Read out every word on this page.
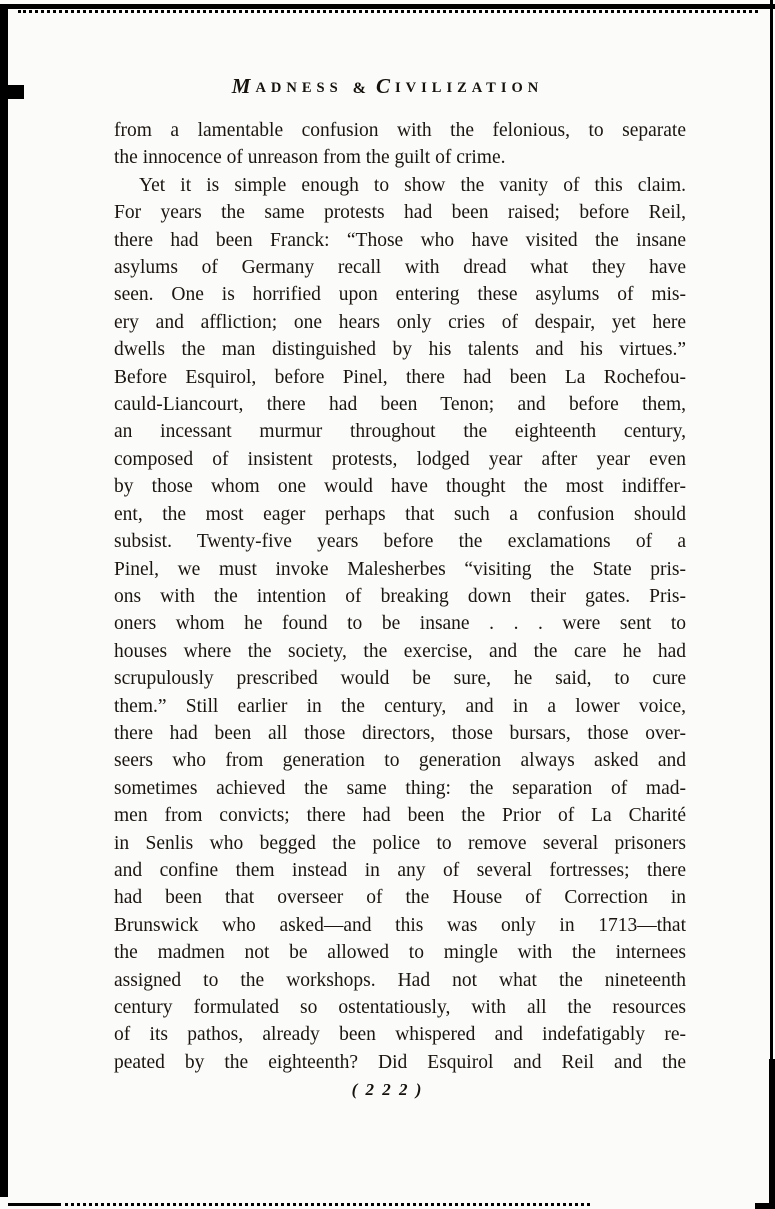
MADNESS & CIVILIZATION
from a lamentable confusion with the felonious, to separate
the innocence of unreason from the guilt of crime.
Yet it is simple enough to show the vanity of this claim.
For years the same protests had been raised; before Reil,
there had been Franck: “Those who have visited the insane
asylums of Germany recall with dread what they have
seen. One is horrified upon entering these asylums of mis-
ery and affliction; one hears only cries of despair, yet here
dwells the man distinguished by his talents and his virtues.”
Before Esquirol, before Pinel, there had been La Rochefou-
cauld-Liancourt, there had been Tenon; and before them,
an incessant murmur throughout the eighteenth century,
composed of insistent protests, lodged year after year even
by those whom one would have thought the most indiffer-
ent, the most eager perhaps that such a confusion should
subsist. Twenty-five years before the exclamations of a
Pinel, we must invoke Malesherbes “visiting the State pris-
ons with the intention of breaking down their gates. Pris-
oners whom he found to be insane . . . were sent to
houses where the society, the exercise, and the care he had
scrupulously prescribed would be sure, he said, to cure
them.” Still earlier in the century, and in a lower voice,
there had been all those directors, those bursars, those over-
seers who from generation to generation always asked and
sometimes achieved the same thing: the separation of mad-
men from convicts; there had been the Prior of La Charité
in Senlis who begged the police to remove several prisoners
and confine them instead in any of several fortresses; there
had been that overseer of the House of Correction in
Brunswick who asked—and this was only in 1713—that
the madmen not be allowed to mingle with the internees
assigned to the workshops. Had not what the nineteenth
century formulated so ostentatiously, with all the resources
of its pathos, already been whispered and indefatigably re-
peated by the eighteenth? Did Esquirol and Reil and the
( 2 2 2 )
